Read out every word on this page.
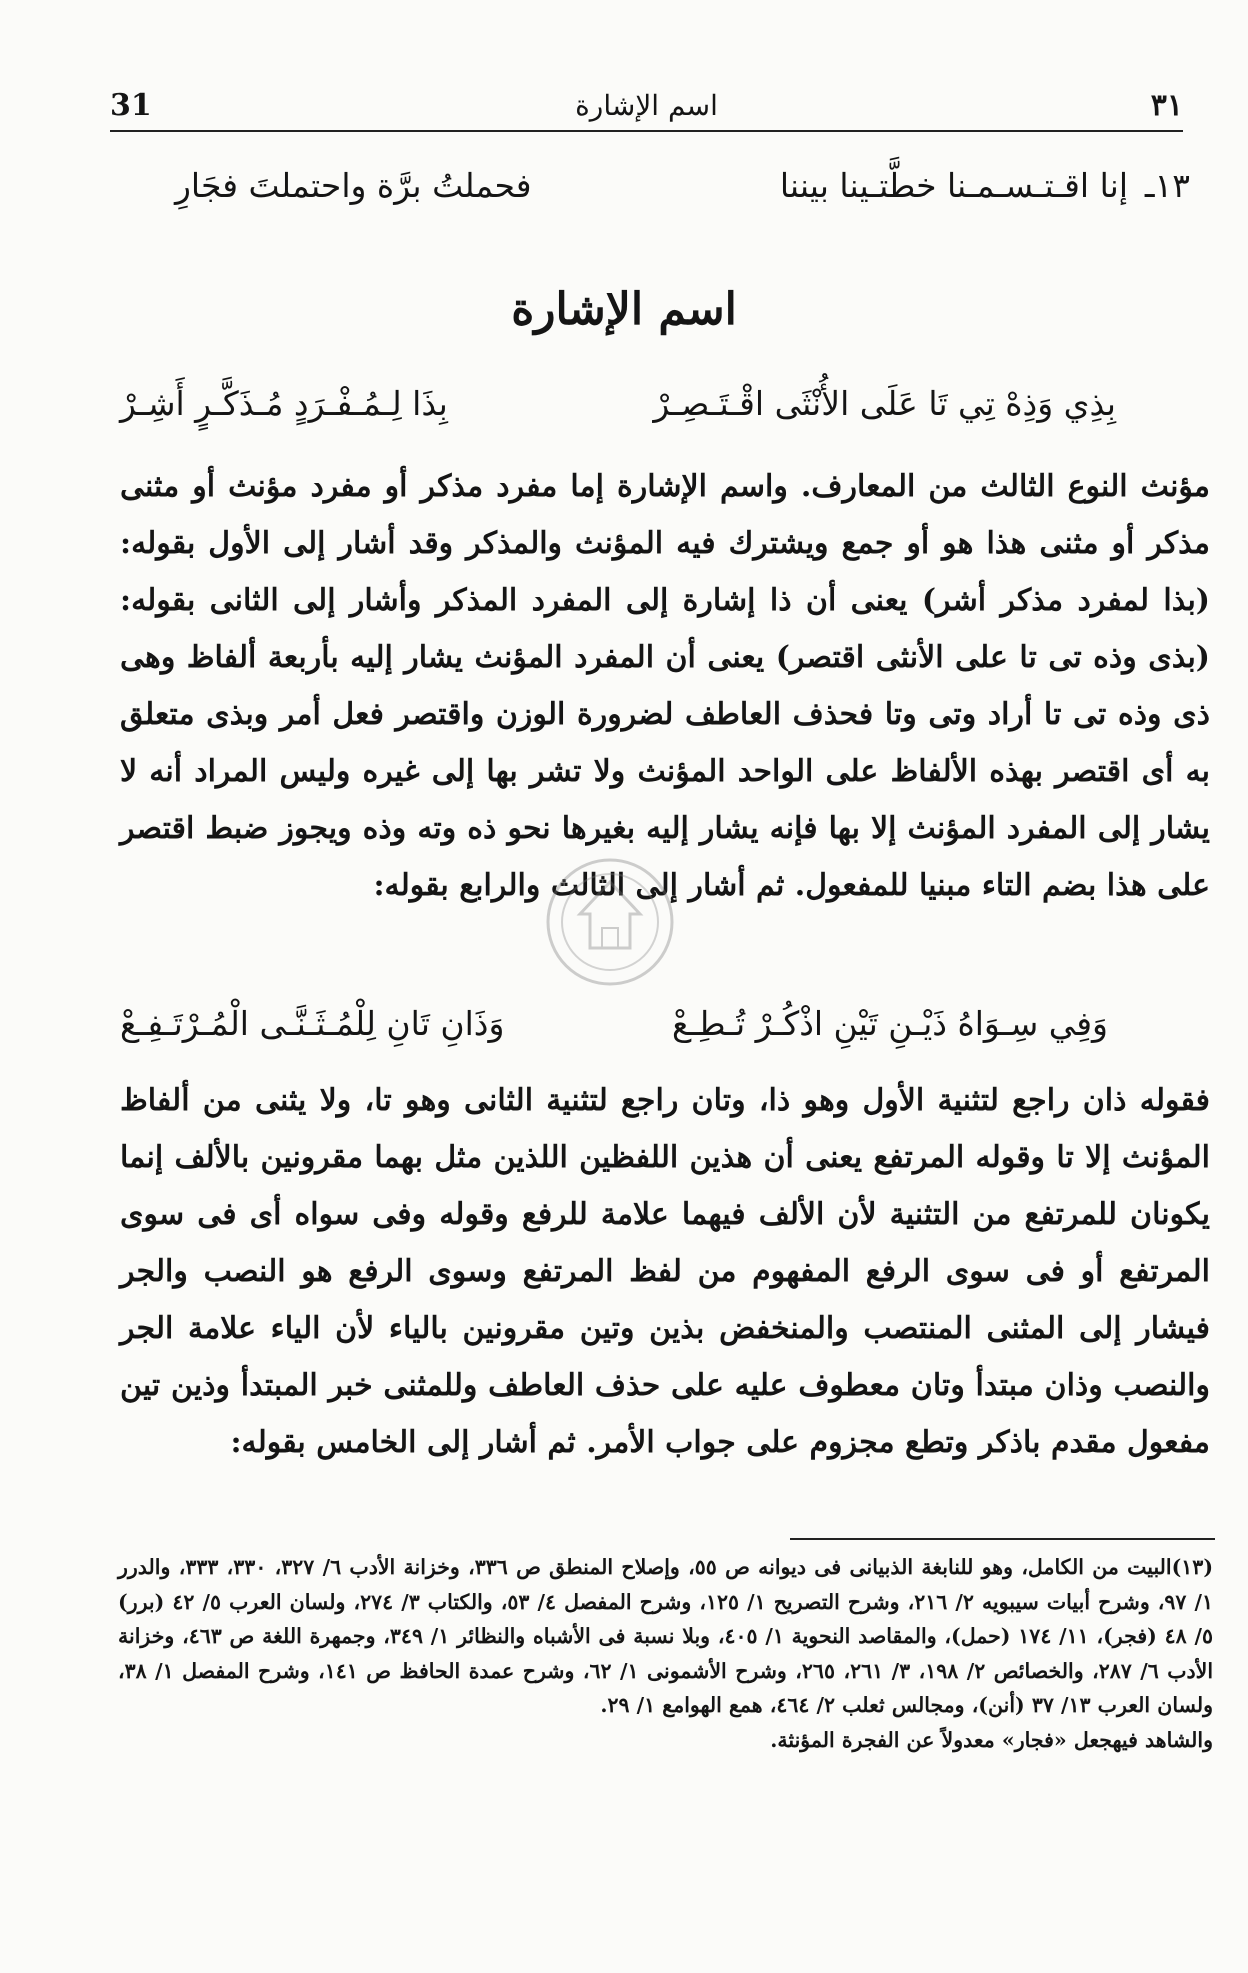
31	اسم الإشارة	٣١
١٣ـ
إنا اقـتـسـمـنا خطَّتـينا بيننا
فحملتُ برَّة واحتملتَ فجَارِ
اسم الإشارة
بِذَا لِـمُـفْـرَدٍ مُـذَكَّـرٍ أَشِـرْ	بِذِي وَذِهْ تِي تَا عَلَى الأُنْثَى اقْـتَـصِـرْ
مؤنث النوع الثالث من المعارف. واسم الإشارة إما مفرد مذكر أو مفرد مؤنث أو مثنى مذكر أو مثنى هذا هو أو جمع ويشترك فيه المؤنث والمذكر وقد أشار إلى الأول بقوله: (بذا لمفرد مذكر أشر) يعنى أن ذا إشارة إلى المفرد المذكر وأشار إلى الثانى بقوله: (بذى وذه تى تا على الأنثى اقتصر) يعنى أن المفرد المؤنث يشار إليه بأربعة ألفاظ وهى ذى وذه تى تا أراد وتى وتا فحذف العاطف لضرورة الوزن واقتصر فعل أمر وبذى متعلق به أى اقتصر بهذه الألفاظ على الواحد المؤنث ولا تشر بها إلى غيره وليس المراد أنه لا يشار إلى المفرد المؤنث إلا بها فإنه يشار إليه بغيرها نحو ذه وته وذه ويجوز ضبط اقتصر على هذا بضم التاء مبنيا للمفعول. ثم أشار إلى الثالث والرابع بقوله:
وَذَانِ تَانِ لِلْمُـثَـنَّـى الْمُـرْتَـفِـعْ	وَفِي سِـوَاهُ ذَيْـنِ تَيْنِ اذْكُـرْ تُـطِـعْ
فقوله ذان راجع لتثنية الأول وهو ذا، وتان راجع لتثنية الثانى وهو تا، ولا يثنى من ألفاظ المؤنث إلا تا وقوله المرتفع يعنى أن هذين اللفظين اللذين مثل بهما مقرونين بالألف إنما يكونان للمرتفع من التثنية لأن الألف فيهما علامة للرفع وقوله وفى سواه أى فى سوى المرتفع أو فى سوى الرفع المفهوم من لفظ المرتفع وسوى الرفع هو النصب والجر فيشار إلى المثنى المنتصب والمنخفض بذين وتين مقرونين بالياء لأن الياء علامة الجر والنصب وذان مبتدأ وتان معطوف عليه على حذف العاطف وللمثنى خبر المبتدأ وذين تين مفعول مقدم باذكر وتطع مجزوم على جواب الأمر. ثم أشار إلى الخامس بقوله:

(١٣)البيت من الكامل، وهو للنابغة الذبيانى فى ديوانه ص ٥٥، وإصلاح المنطق ص ٣٣٦، وخزانة الأدب ٦/ ٣٢٧، ٣٣٠، ٣٣٣، والدرر ١/ ٩٧، وشرح أبيات سيبويه ٢/ ٢١٦، وشرح التصريح ١/ ١٢٥، وشرح المفصل ٤/ ٥٣، والكتاب ٣/ ٢٧٤، ولسان العرب ٥/ ٤٢ (برر) ٥/ ٤٨ (فجر)، ١١/ ١٧٤ (حمل)، والمقاصد النحوية ١/ ٤٠٥، وبلا نسبة فى الأشباه والنظائر ١/ ٣٤٩، وجمهرة اللغة ص ٤٦٣، وخزانة الأدب ٦/ ٢٨٧، والخصائص ٢/ ١٩٨، ٣/ ٢٦١، ٢٦٥، وشرح الأشمونى ١/ ٦٢، وشرح عمدة الحافظ ص ١٤١، وشرح المفصل ١/ ٣٨، ولسان العرب ١٣/ ٣٧ (أنن)، ومجالس ثعلب ٢/ ٤٦٤، همع الهوامع ١/ ٢٩.

والشاهد فيهجعل «فجار» معدولاً عن الفجرة المؤنثة.
